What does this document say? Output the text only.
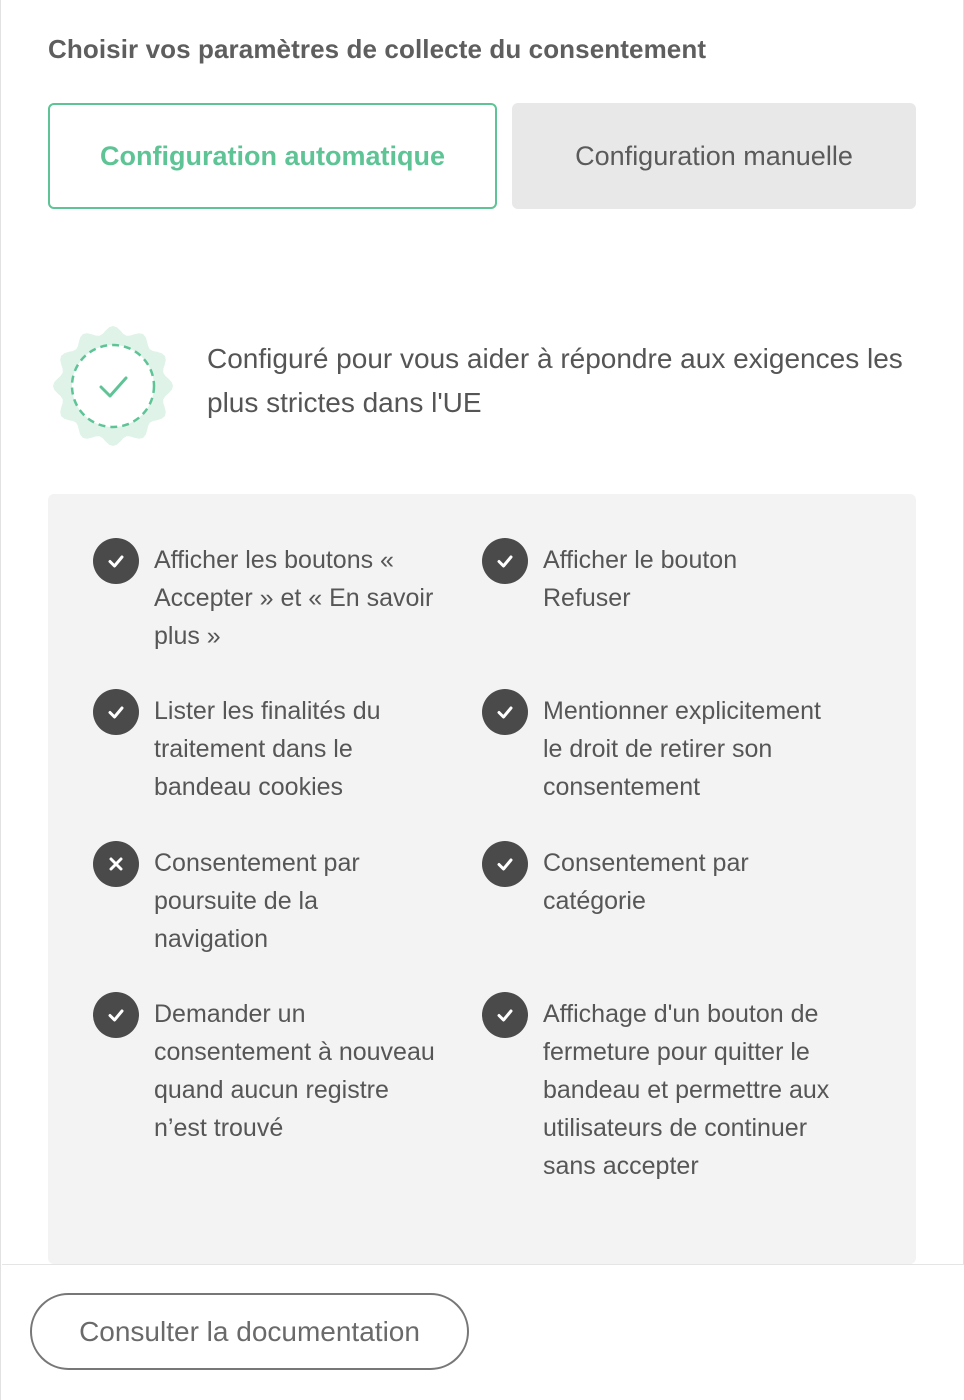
Choisir vos paramètres de collecte du consentement
Configuration automatique	Configuration manuelle
Configuré pour vous aider à répondre aux exigences les plus strictes dans l'UE
Afficher les boutons « Accepter » et « En savoir plus »
Afficher le bouton Refuser
Lister les finalités du traitement dans le bandeau cookies
Mentionner explicitement le droit de retirer son consentement
Consentement par poursuite de la navigation
Consentement par catégorie
Demander un consentement à nouveau quand aucun registre n’est trouvé
Affichage d'un bouton de fermeture pour quitter le bandeau et permettre aux utilisateurs de continuer sans accepter
Consulter la documentation
